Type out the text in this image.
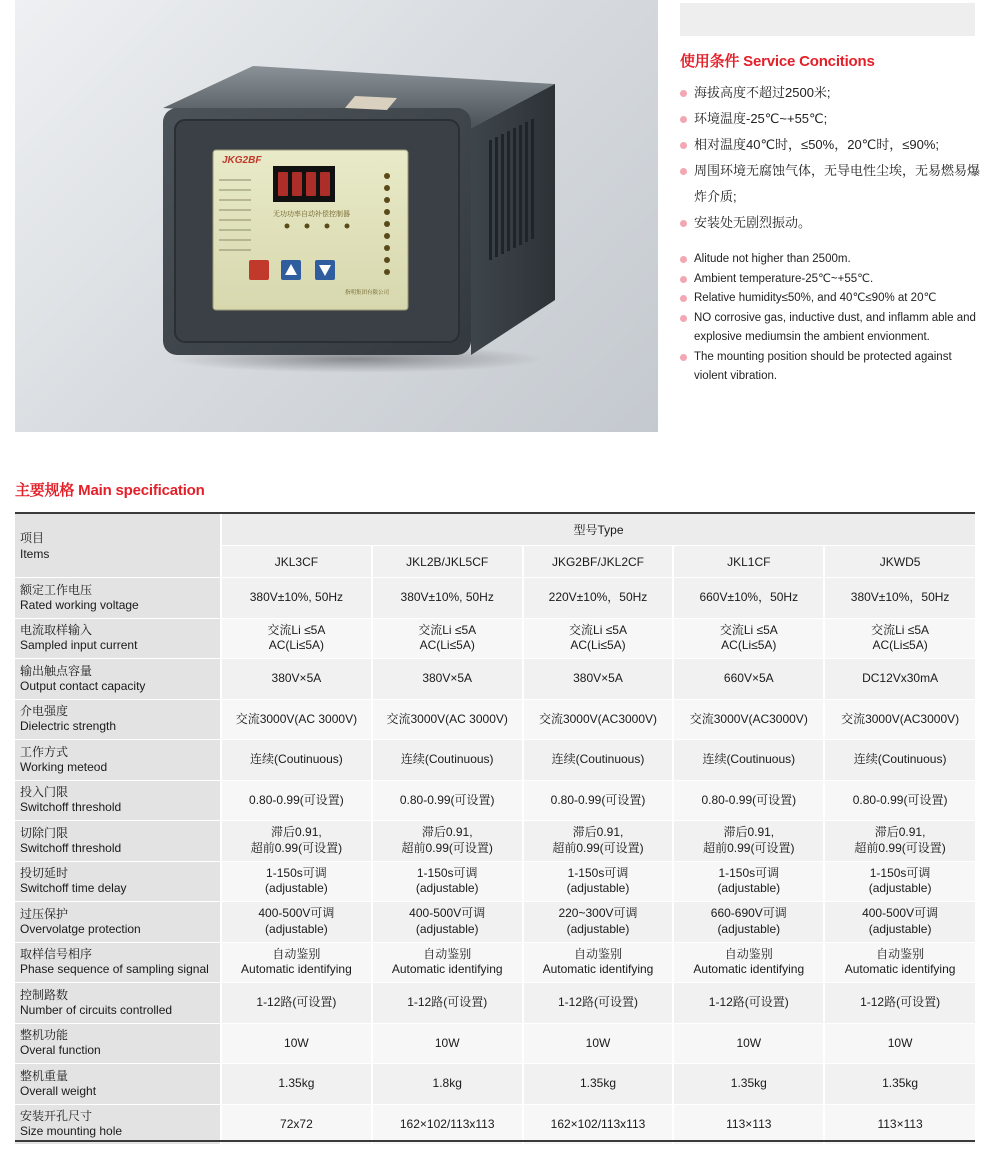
JKG2BF
无功功率自动补偿控制器
指明集团有限公司
使用条件 Service Concitions
海拔高度不超过2500米;
环境温度-25℃~+55℃;
相对温度40℃时，≤50%，20℃时，≤90%;
周围环境无腐蚀气体，无导电性尘埃，无易燃易爆炸介质;
安装处无剧烈振动。
Alitude not higher than 2500m.
Ambient temperature-25℃~+55℃.
Relative humidity≤50%, and 40℃≤90% at 20℃
NO corrosive gas, inductive dust, and inflamm able and explosive mediumsin the ambient envionment.
The mounting position should be protected against violent vibration.
主要规格 Main specification
项目
Items	型号Type				
	JKL3CF	JKL2B/JKL5CF	JKG2BF/JKL2CF	JKL1CF	JKWD5

额定工作电压
Rated working voltage	380V±10%, 50Hz	380V±10%, 50Hz	220V±10%，50Hz	660V±10%，50Hz	380V±10%，50Hz

电流取样输入
Sampled input current	交流Li ≤5A
AC(Li≤5A)	交流Li ≤5A
AC(Li≤5A)	交流Li ≤5A
AC(Li≤5A)	交流Li ≤5A
AC(Li≤5A)	交流Li ≤5A
AC(Li≤5A)

输出触点容量
Output contact capacity	380V×5A	380V×5A	380V×5A	660V×5A	DC12Vx30mA

介电强度
Dielectric strength	交流3000V(AC 3000V)	交流3000V(AC 3000V)	交流3000V(AC3000V)	交流3000V(AC3000V)	交流3000V(AC3000V)

工作方式
Working meteod	连续(Coutinuous)	连续(Coutinuous)	连续(Coutinuous)	连续(Coutinuous)	连续(Coutinuous)

投入门限
Switchoff threshold	0.80-0.99(可设置)	0.80-0.99(可设置)	0.80-0.99(可设置)	0.80-0.99(可设置)	0.80-0.99(可设置)

切除门限
Switchoff threshold	滞后0.91,
超前0.99(可设置)	滞后0.91,
超前0.99(可设置)	滞后0.91,
超前0.99(可设置)	滞后0.91,
超前0.99(可设置)	滞后0.91,
超前0.99(可设置)

投切延时
Switchoff time delay	1-150s可调
(adjustable)	1-150s可调
(adjustable)	1-150s可调
(adjustable)	1-150s可调
(adjustable)	1-150s可调
(adjustable)

过压保护
Overvolatge protection	400-500V可调
(adjustable)	400-500V可调
(adjustable)	220~300V可调
(adjustable)	660-690V可调
(adjustable)	400-500V可调
(adjustable)

取样信号相序
Phase sequence of sampling signal	自动鉴别
Automatic identifying	自动鉴别
Automatic identifying	自动鉴别
Automatic identifying	自动鉴别
Automatic identifying	自动鉴别
Automatic identifying

控制路数
Number of circuits controlled	1-12路(可设置)	1-12路(可设置)	1-12路(可设置)	1-12路(可设置)	1-12路(可设置)

整机功能
Overal function	10W	10W	10W	10W	10W

整机重量
Overall weight	1.35kg	1.8kg	1.35kg	1.35kg	1.35kg

安装开孔尺寸
Size mounting hole	72x72	162×102/113x113	162×102/113x113	113×113	113×113
